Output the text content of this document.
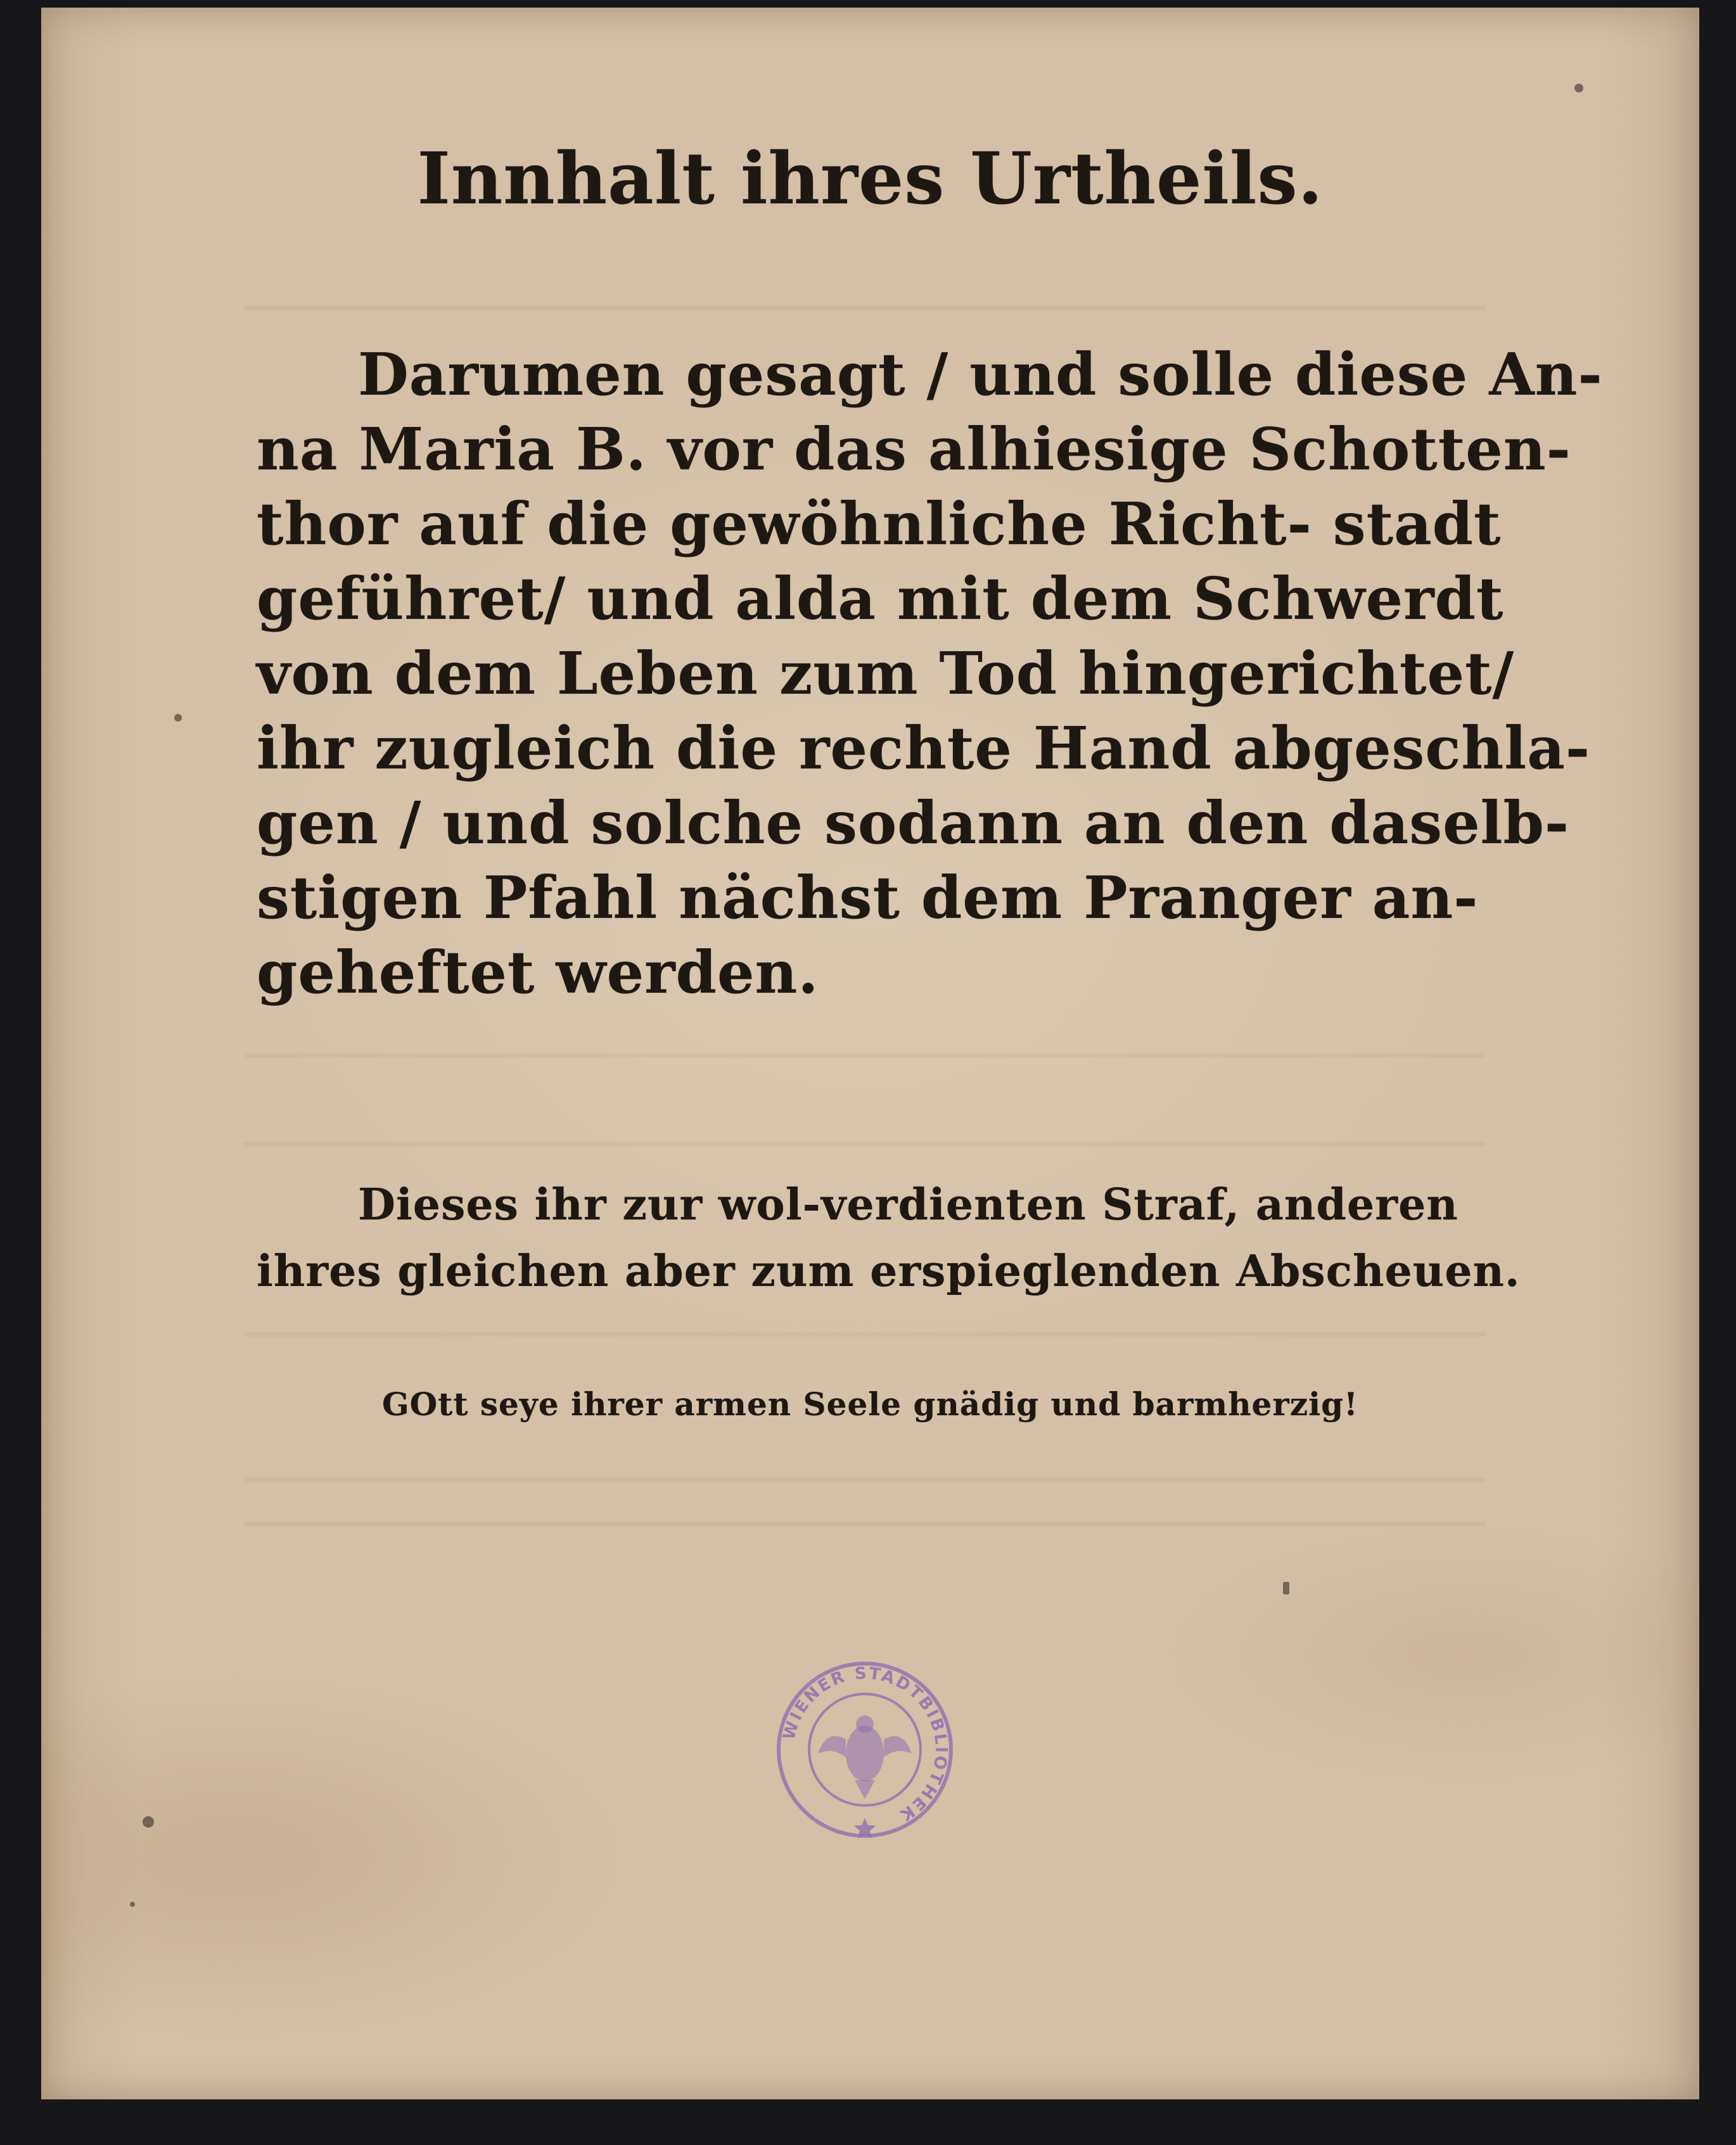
Innhalt ihres Urtheils.

Darumen gesagt / und solle diese An-

na Maria B. vor das alhiesige Schotten-

thor auf die gewöhnliche Richt- stadt

geführet/ und alda mit dem Schwerdt

von dem Leben zum Tod hingerichtet/

ihr zugleich die rechte Hand abgeschla-

gen / und solche sodann an den daselb-

stigen Pfahl nächst dem Pranger an-

geheftet werden.

Dieses ihr zur wol-verdienten Straf, anderen

ihres gleichen aber zum erspieglenden Abscheuen.

GOtt seye ihrer armen Seele gnädig und barmherzig!

WIENER STADTBIBLIOTHEK
